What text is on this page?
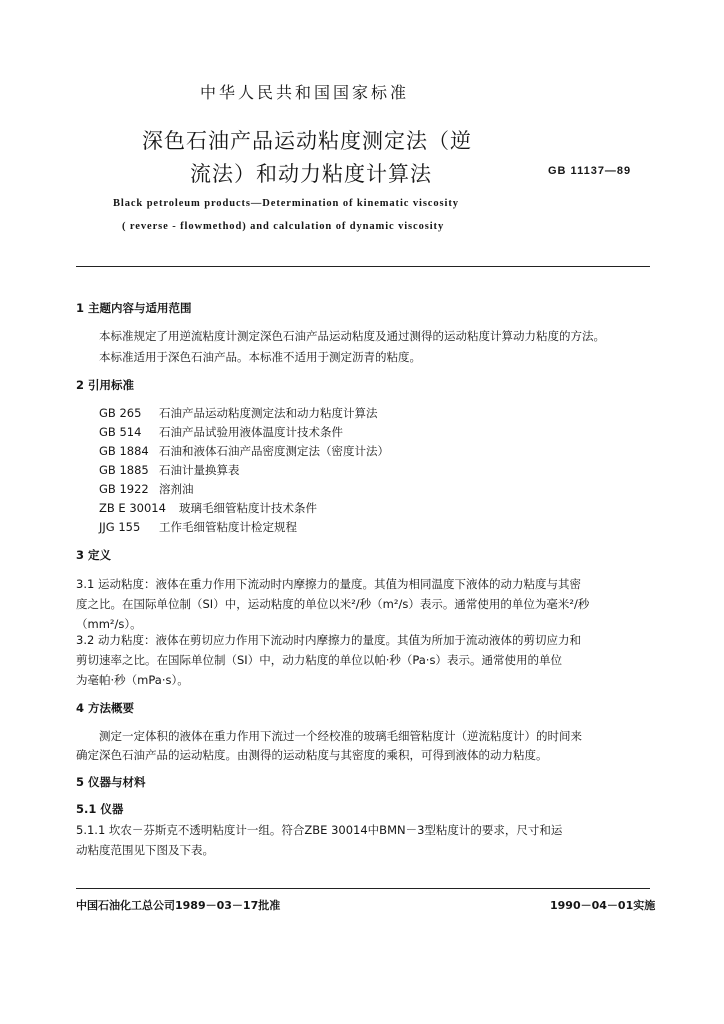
中华人民共和国国家标准
深色石油产品运动粘度测定法（逆
流法）和动力粘度计算法	GB 11137—89
Black petroleum products—Determination of kinematic viscosity
( reverse - flowmethod) and calculation of dynamic viscosity
1 主题内容与适用范围
本标准规定了用逆流粘度计测定深色石油产品运动粘度及通过测得的运动粘度计算动力粘度的方法。
本标准适用于深色石油产品。本标准不适用于测定沥青的粘度。
2 引用标准
GB 265 石油产品运动粘度测定法和动力粘度计算法
GB 514 石油产品试验用液体温度计技术条件
GB 1884 石油和液体石油产品密度测定法（密度计法）
GB 1885 石油计量换算表
GB 1922 溶剂油
ZB E 30014 玻璃毛细管粘度计技术条件
JJG 155 工作毛细管粘度计检定规程
3 定义
3.1 运动粘度：液体在重力作用下流动时内摩擦力的量度。其值为相同温度下液体的动力粘度与其密
度之比。在国际单位制（SI）中，运动粘度的单位以米²/秒（m²/s）表示。通常使用的单位为毫米²/秒
（mm²/s）。
3.2 动力粘度：液体在剪切应力作用下流动时内摩擦力的量度。其值为所加于流动液体的剪切应力和
剪切速率之比。在国际单位制（SI）中，动力粘度的单位以帕·秒（Pa·s）表示。通常使用的单位
为毫帕·秒（mPa·s）。
4 方法概要
测定一定体积的液体在重力作用下流过一个经校准的玻璃毛细管粘度计（逆流粘度计）的时间来
确定深色石油产品的运动粘度。由测得的运动粘度与其密度的乘积，可得到液体的动力粘度。
5 仪器与材料
5.1 仪器
5.1.1 坎农－芬斯克不透明粘度计一组。符合ZBE 30014中BMN－3型粘度计的要求，尺寸和运
动粘度范围见下图及下表。
中国石油化工总公司1989－03－17批准	1990－04－01实施
